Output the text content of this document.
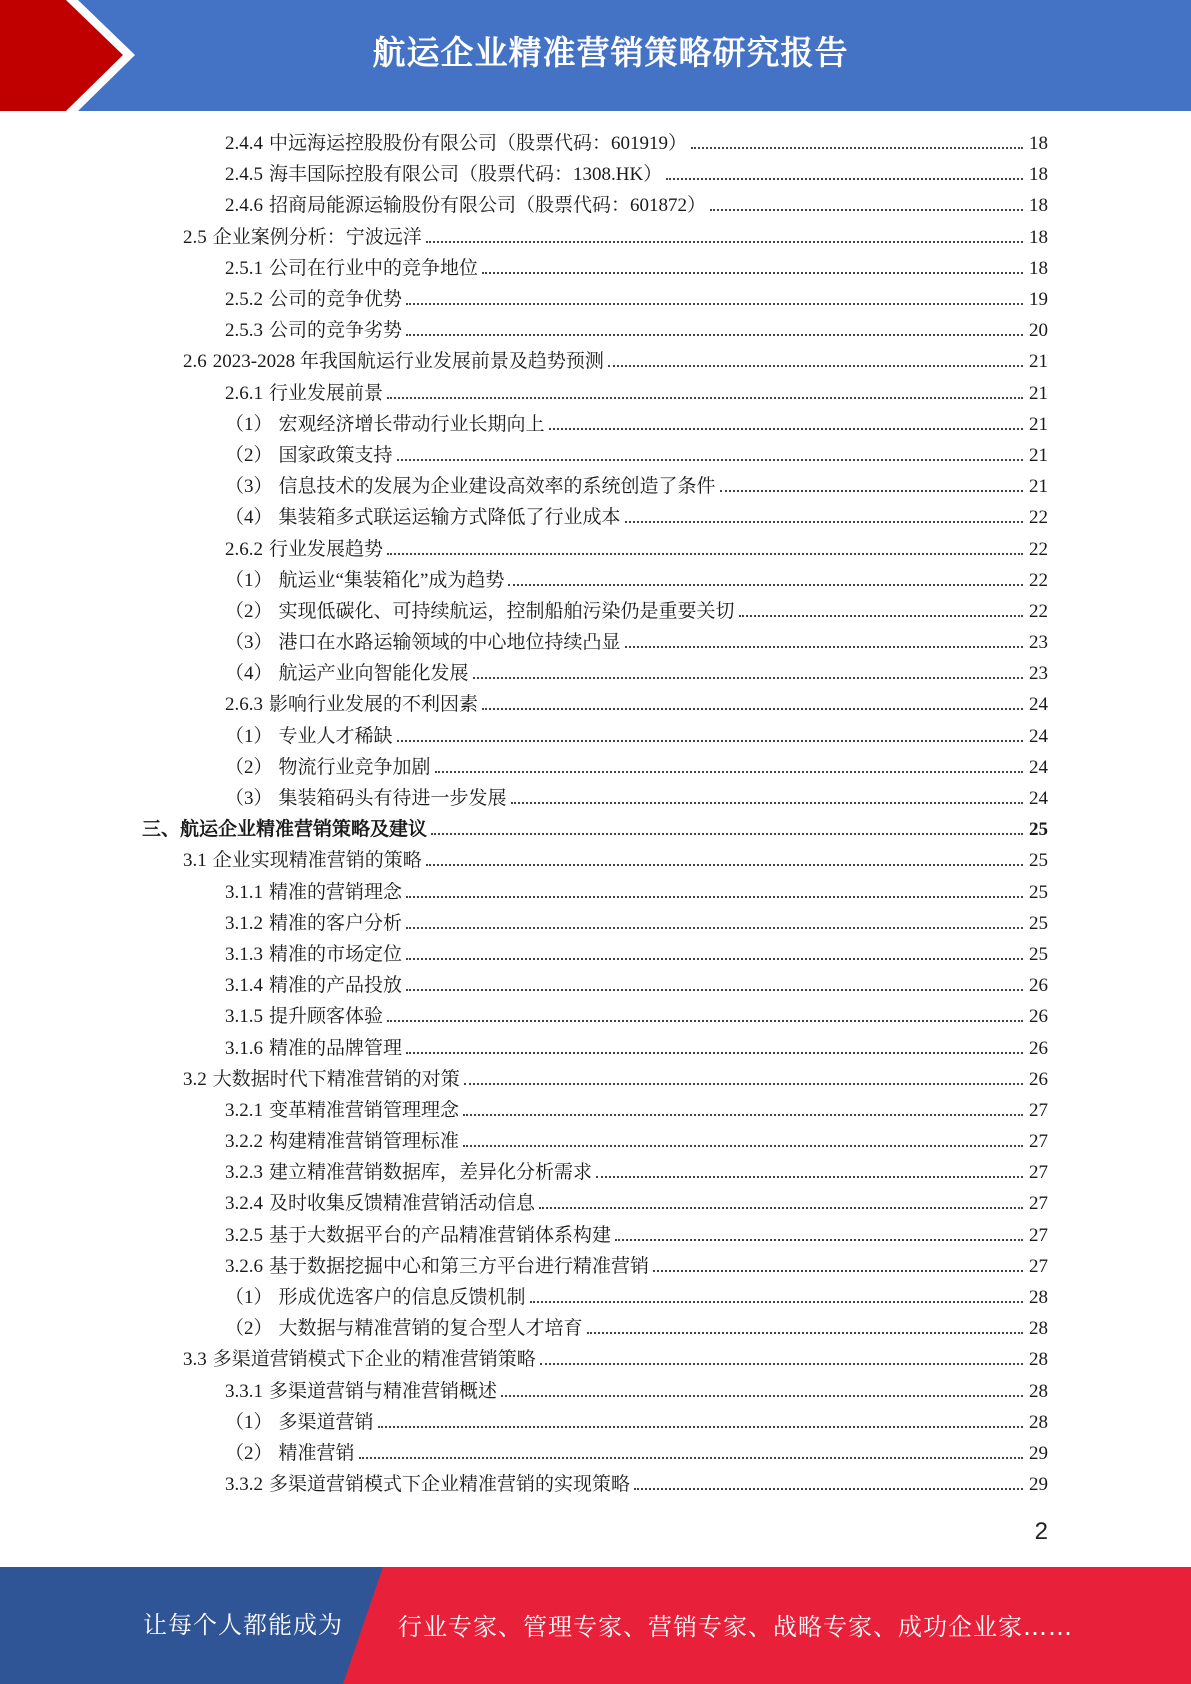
航运企业精准营销策略研究报告
2.4.4 中远海运控股股份有限公司（股票代码：601919）	18
2.4.5 海丰国际控股有限公司（股票代码：1308.HK）	18
2.4.6 招商局能源运输股份有限公司（股票代码：601872）	18
2.5 企业案例分析：宁波远洋	18
2.5.1 公司在行业中的竞争地位	18
2.5.2 公司的竞争优势	19
2.5.3 公司的竞争劣势	20
2.6 2023-2028 年我国航运行业发展前景及趋势预测	21
2.6.1 行业发展前景	21
（1） 宏观经济增长带动行业长期向上	21
（2） 国家政策支持	21
（3） 信息技术的发展为企业建设高效率的系统创造了条件	21
（4） 集装箱多式联运运输方式降低了行业成本	22
2.6.2 行业发展趋势	22
（1） 航运业“集装箱化”成为趋势	22
（2） 实现低碳化、可持续航运，控制船舶污染仍是重要关切	22
（3） 港口在水路运输领域的中心地位持续凸显	23
（4） 航运产业向智能化发展	23
2.6.3 影响行业发展的不利因素	24
（1） 专业人才稀缺	24
（2） 物流行业竞争加剧	24
（3） 集装箱码头有待进一步发展	24
三、航运企业精准营销策略及建议	25
3.1 企业实现精准营销的策略	25
3.1.1 精准的营销理念	25
3.1.2 精准的客户分析	25
3.1.3 精准的市场定位	25
3.1.4 精准的产品投放	26
3.1.5 提升顾客体验	26
3.1.6 精准的品牌管理	26
3.2 大数据时代下精准营销的对策	26
3.2.1 变革精准营销管理理念	27
3.2.2 构建精准营销管理标准	27
3.2.3 建立精准营销数据库，差异化分析需求	27
3.2.4 及时收集反馈精准营销活动信息	27
3.2.5 基于大数据平台的产品精准营销体系构建	27
3.2.6 基于数据挖掘中心和第三方平台进行精准营销	27
（1） 形成优选客户的信息反馈机制	28
（2） 大数据与精准营销的复合型人才培育	28
3.3 多渠道营销模式下企业的精准营销策略	28
3.3.1 多渠道营销与精准营销概述	28
（1） 多渠道营销	28
（2） 精准营销	29
3.3.2 多渠道营销模式下企业精准营销的实现策略	29
2
让每个人都能成为 行业专家、管理专家、营销专家、战略专家、成功企业家……
